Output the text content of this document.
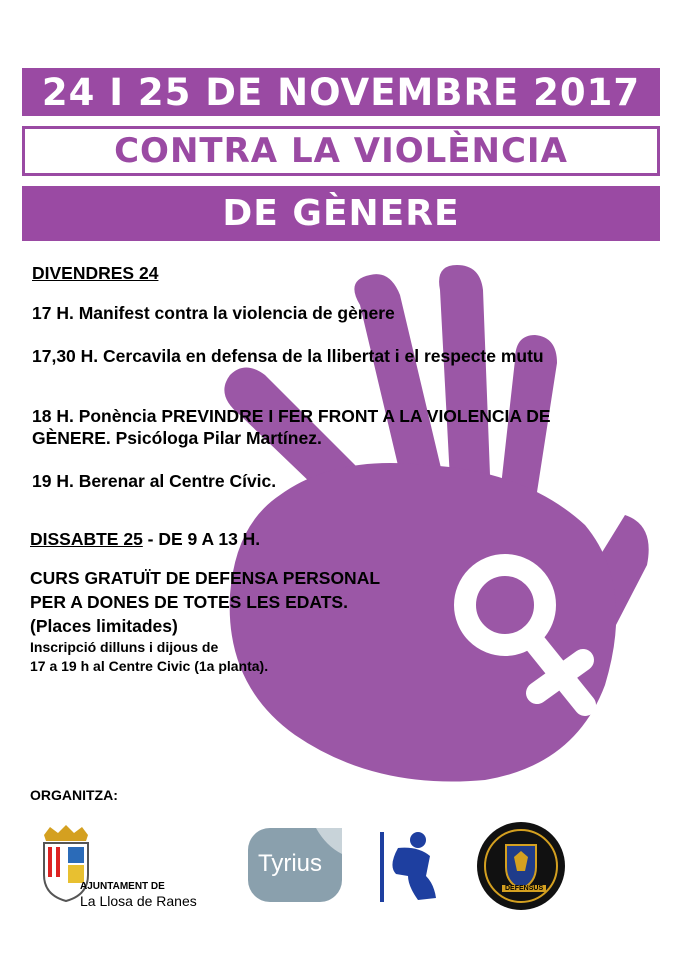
24 I 25 DE NOVEMBRE 2017
CONTRA LA VIOLÈNCIA
DE GÈNERE

DIVENDRES 24

17 H. Manifest contra la violencia de gènere

17,30 H. Cercavila en defensa de la llibertat i el respecte mutu

18 H. Ponència PREVINDRE I FER FRONT A LA VIOLENCIA DE GÈNERE. Psicóloga Pilar Martínez.

19 H. Berenar al Centre Cívic.

DISSABTE 25 - DE 9 A 13 H.

CURS GRATUÏT DE DEFENSA PERSONAL

PER A DONES DE TOTES LES EDATS.

(Places limitades)

Inscripció dilluns i dijous de

17 a 19 h al Centre Civic (1a planta).

ORGANITZA:
AJUNTAMENT DE
La Llosa de Ranes
Tyrius
DEFENSUS
